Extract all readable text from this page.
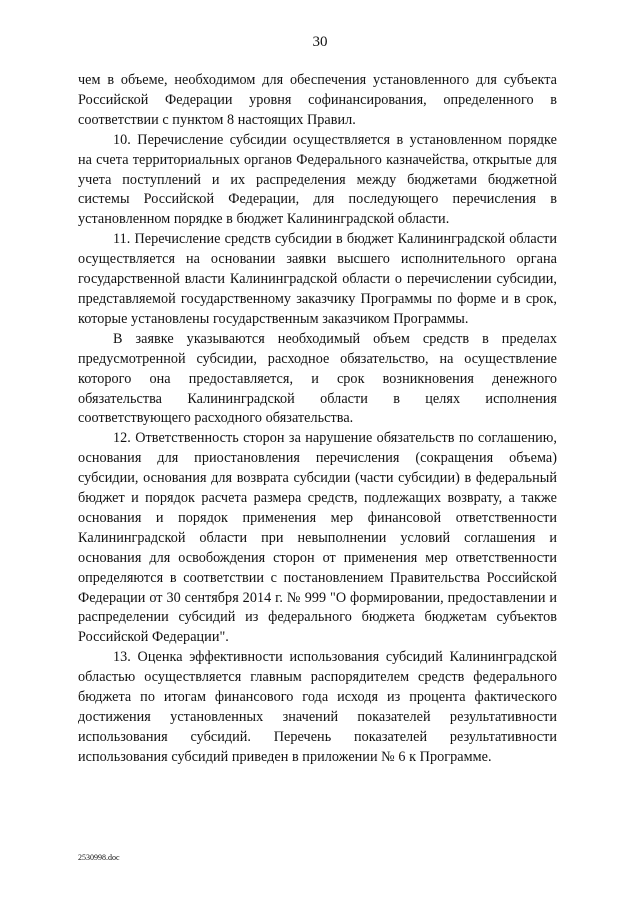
30

чем в объеме, необходимом для обеспечения установленного для субъекта Российской Федерации уровня софинансирования, определенного в соответствии с пунктом 8 настоящих Правил.

10. Перечисление субсидии осуществляется в установленном порядке на счета территориальных органов Федерального казначейства, открытые для учета поступлений и их распределения между бюджетами бюджетной системы Российской Федерации, для последующего перечисления в установленном порядке в бюджет Калининградской области.

11. Перечисление средств субсидии в бюджет Калининградской области осуществляется на основании заявки высшего исполнительного органа государственной власти Калининградской области о перечислении субсидии, представляемой государственному заказчику Программы по форме и в срок, которые установлены государственным заказчиком Программы.

В заявке указываются необходимый объем средств в пределах предусмотренной субсидии, расходное обязательство, на осуществление которого она предоставляется, и срок возникновения денежного обязательства Калининградской области в целях исполнения соответствующего расходного обязательства.

12. Ответственность сторон за нарушение обязательств по соглашению, основания для приостановления перечисления (сокращения объема) субсидии, основания для возврата субсидии (части субсидии) в федеральный бюджет и порядок расчета размера средств, подлежащих возврату, а также основания и порядок применения мер финансовой ответственности Калининградской области при невыполнении условий соглашения и основания для освобождения сторон от применения мер ответственности определяются в соответствии с постановлением Правительства Российской Федерации от 30 сентября 2014 г. № 999 "О формировании, предоставлении и распределении субсидий из федерального бюджета бюджетам субъектов Российской Федерации".

13. Оценка эффективности использования субсидий Калининградской областью осуществляется главным распорядителем средств федерального бюджета по итогам финансового года исходя из процента фактического достижения установленных значений показателей результативности использования субсидий. Перечень показателей результативности использования субсидий приведен в приложении № 6 к Программе.

2530998.doc
